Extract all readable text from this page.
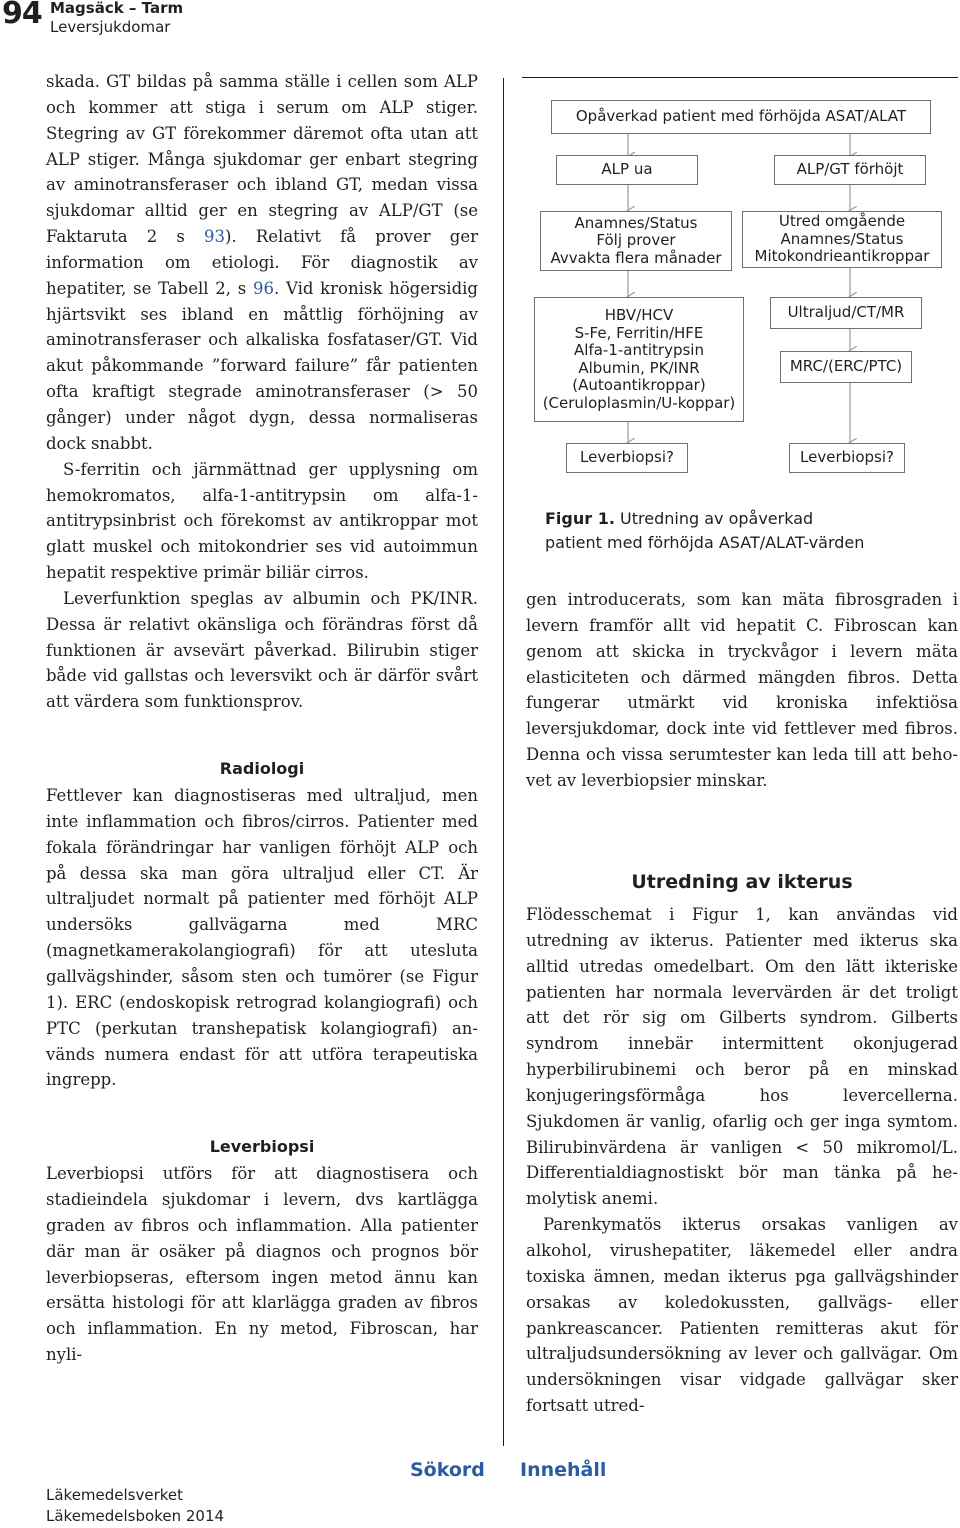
94 Magsäck – Tarm
Leversjukdomar

skada. GT bildas på samma ställe i cellen som ALP och kommer att stiga i serum om ALP stiger. Stegring av GT förekommer däremot ofta utan att ALP stiger. Många sjukdomar ger enbart stegring av aminotransferaser och ibland GT, medan vissa sjukdomar alltid ger en stegring av ALP/GT (se Faktaruta 2 s 93). Relativt få prover ger information om etiologi. För diagnostik av hepatiter, se Tabell 2, s 96. Vid kronisk högersidig hjärtsvikt ses ibland en måttlig förhöjning av aminotransferaser och alkaliska fosfataser/GT. Vid akut påkommande ”forward failure” får patienten ofta kraftigt stegrade aminotransferaser (> 50 gånger) under något dygn, dessa normaliseras dock snabbt.

S-ferritin och järnmättnad ger upplysning om hemokromatos, alfa-1-antitrypsin om alfa-1-antitrypsinbrist och förekomst av antikroppar mot glatt muskel och mitokondrier ses vid autoimmun hepatit respektive primär biliär cirros.

Leverfunktion speglas av albumin och PK/INR. Dessa är relativt okänsliga och förändras först då funktionen är avsevärt påverkad. Bilirubin stiger både vid gallstas och leversvikt och är därför svårt att värdera som funktionsprov.

Radiologi

Fettlever kan diagnostiseras med ultraljud, men inte inflammation och fibros/cirros. Patienter med fokala förändringar har vanligen förhöjt ALP och på dessa ska man göra ultraljud eller CT. Är ultraljudet normalt på patienter med förhöjt ALP undersöks gallvägarna med MRC (magnetkamerakolangiografi) för att utesluta gallvägshinder, såsom sten och tumörer (se Figur 1). ERC (endoskopisk retrograd kolangiografi) och PTC (perkutan transhepatisk kolangiografi) används numera endast för att utföra terapeutiska ingrepp.

Leverbiopsi

Leverbiopsi utförs för att diagnostisera och stadieindela sjukdomar i levern, dvs kartlägga graden av fibros och inflammation. Alla patienter där man är osäker på diagnos och prognos bör leverbiopseras, eftersom ingen metod ännu kan ersätta histologi för att klarlägga graden av fibros och inflammation. En ny metod, Fibroscan, har nyli-

Opåverkad patient med förhöjda ASAT/ALAT
ALP ua
Anamnes/Status
Följ prover
Avvakta flera månader
HBV/HCV
S-Fe, Ferritin/HFE
Alfa-1-antitrypsin
Albumin, PK/INR
(Autoantikroppar)
(Ceruloplasmin/U-koppar)
Leverbiopsi?
ALP/GT förhöjt
Utred omgående
Anamnes/Status
Mitokondrieantikroppar
Ultraljud/CT/MR
MRC/(ERC/PTC)
Leverbiopsi?
Figur 1. Utredning av opåverkad
patient med förhöjda ASAT/ALAT-värden

gen introducerats, som kan mäta fibrosgraden i levern framför allt vid hepatit C. Fibroscan kan genom att skicka in tryckvågor i levern mäta elasticiteten och därmed mängden fibros. Detta fungerar utmärkt vid kroniska infektiösa leversjukdomar, dock inte vid fettlever med fibros. Denna och vissa serumtester kan leda till att behovet av leverbiopsier minskar.

Utredning av ikterus

Flödesschemat i Figur 1, kan användas vid utredning av ikterus. Patienter med ikterus ska alltid utredas omedelbart. Om den lätt ikteriske patienten har normala levervärden är det troligt att det rör sig om Gilberts syndrom. Gilberts syndrom innebär intermittent okonjugerad hyperbilirubinemi och beror på en minskad konjugeringsförmåga hos levercellerna. Sjukdomen är vanlig, ofarlig och ger inga symtom. Bilirubinvärdena är vanligen < 50 mikromol/L. Differentialdiagnostiskt bör man tänka på hemolytisk anemi.

Parenkymatös ikterus orsakas vanligen av alkohol, virushepatiter, läkemedel eller andra toxiska ämnen, medan ikterus pga gallvägshinder orsakas av koledokussten, gallvägs- eller pankreascancer. Patienten remitteras akut för ultraljudsundersökning av lever och gallvägar. Om undersökningen visar vidgade gallvägar sker fortsatt utred-

Sökord Innehåll
Läkemedelsverket
Läkemedelsboken 2014
